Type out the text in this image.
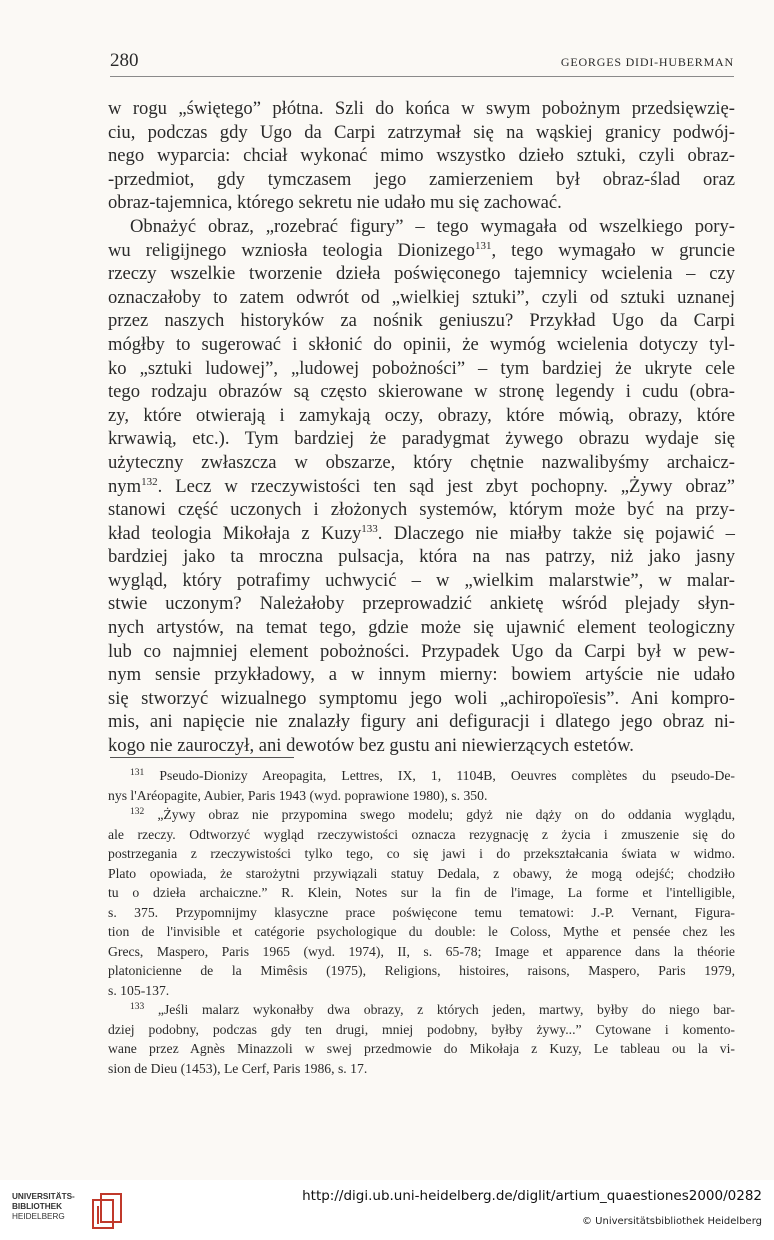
280	GEORGES DIDI-HUBERMAN
w rogu „świętego” płótna. Szli do końca w swym pobożnym przedsięwzię-
ciu, podczas gdy Ugo da Carpi zatrzymał się na wąskiej granicy podwój-
nego wyparcia: chciał wykonać mimo wszystko dzieło sztuki, czyli obraz-
-przedmiot, gdy tymczasem jego zamierzeniem był obraz-ślad oraz
obraz-tajemnica, którego sekretu nie udało mu się zachować.
Obnażyć obraz, „rozebrać figury” – tego wymagała od wszelkiego pory-
wu religijnego wzniosła teologia Dionizego$^{131}$, tego wymagało w gruncie
rzeczy wszelkie tworzenie dzieła poświęconego tajemnicy wcielenia – czy
oznaczałoby to zatem odwrót od „wielkiej sztuki”, czyli od sztuki uznanej
przez naszych historyków za nośnik geniuszu? Przykład Ugo da Carpi
mógłby to sugerować i skłonić do opinii, że wymóg wcielenia dotyczy tyl-
ko „sztuki ludowej”, „ludowej pobożności” – tym bardziej że ukryte cele
tego rodzaju obrazów są często skierowane w stronę legendy i cudu (obra-
zy, które otwierają i zamykają oczy, obrazy, które mówią, obrazy, które
krwawią, etc.). Tym bardziej że paradygmat żywego obrazu wydaje się
użyteczny zwłaszcza w obszarze, który chętnie nazwalibyśmy archaicz-
nym$^{132}$. Lecz w rzeczywistości ten sąd jest zbyt pochopny. „Żywy obraz”
stanowi część uczonych i złożonych systemów, którym może być na przy-
kład teologia Mikołaja z Kuzy$^{133}$. Dlaczego nie miałby także się pojawić –
bardziej jako ta mroczna pulsacja, która na nas patrzy, niż jako jasny
wygląd, który potrafimy uchwycić – w „wielkim malarstwie”, w malar-
stwie uczonym? Należałoby przeprowadzić ankietę wśród plejady słyn-
nych artystów, na temat tego, gdzie może się ujawnić element teologiczny
lub co najmniej element pobożności. Przypadek Ugo da Carpi był w pew-
nym sensie przykładowy, a w innym mierny: bowiem artyście nie udało
się stworzyć wizualnego symptomu jego woli „achiropoïesis”. Ani kompro-
mis, ani napięcie nie znalazły figury ani defiguracji i dlatego jego obraz ni-
kogo nie zauroczył, ani dewotów bez gustu ani niewierzących estetów.
$^{131}$ Pseudo-Dionizy Areopagita, Lettres, IX, 1, 1104B, Oeuvres complètes du pseudo-De-
nys l'Aréopagite, Aubier, Paris 1943 (wyd. poprawione 1980), s. 350.
$^{132}$ „Żywy obraz nie przypomina swego modelu; gdyż nie dąży on do oddania wyglądu,
ale rzeczy. Odtworzyć wygląd rzeczywistości oznacza rezygnację z życia i zmuszenie się do
postrzegania z rzeczywistości tylko tego, co się jawi i do przekształcania świata w widmo.
Plato opowiada, że starożytni przywiązali statuy Dedala, z obawy, że mogą odejść; chodziło
tu o dzieła archaiczne.” R. Klein, Notes sur la fin de l'image, La forme et l'intelligible,
s. 375. Przypomnijmy klasyczne prace poświęcone temu tematowi: J.-P. Vernant, Figura-
tion de l'invisible et catégorie psychologique du double: le Coloss, Mythe et pensée chez les
Grecs, Maspero, Paris 1965 (wyd. 1974), II, s. 65-78; Image et apparence dans la théorie
platonicienne de la Mimêsis (1975), Religions, histoires, raisons, Maspero, Paris 1979,
s. 105-137.
$^{133}$ „Jeśli malarz wykonałby dwa obrazy, z których jeden, martwy, byłby do niego bar-
dziej podobny, podczas gdy ten drugi, mniej podobny, byłby żywy...” Cytowane i komento-
wane przez Agnès Minazzoli w swej przedmowie do Mikołaja z Kuzy, Le tableau ou la vi-
sion de Dieu (1453), Le Cerf, Paris 1986, s. 17.
UNIVERSITÄTS-
BIBLIOTHEK
HEIDELBERG
http://digi.ub.uni-heidelberg.de/diglit/artium_quaestiones2000/0282
© Universitätsbibliothek Heidelberg
